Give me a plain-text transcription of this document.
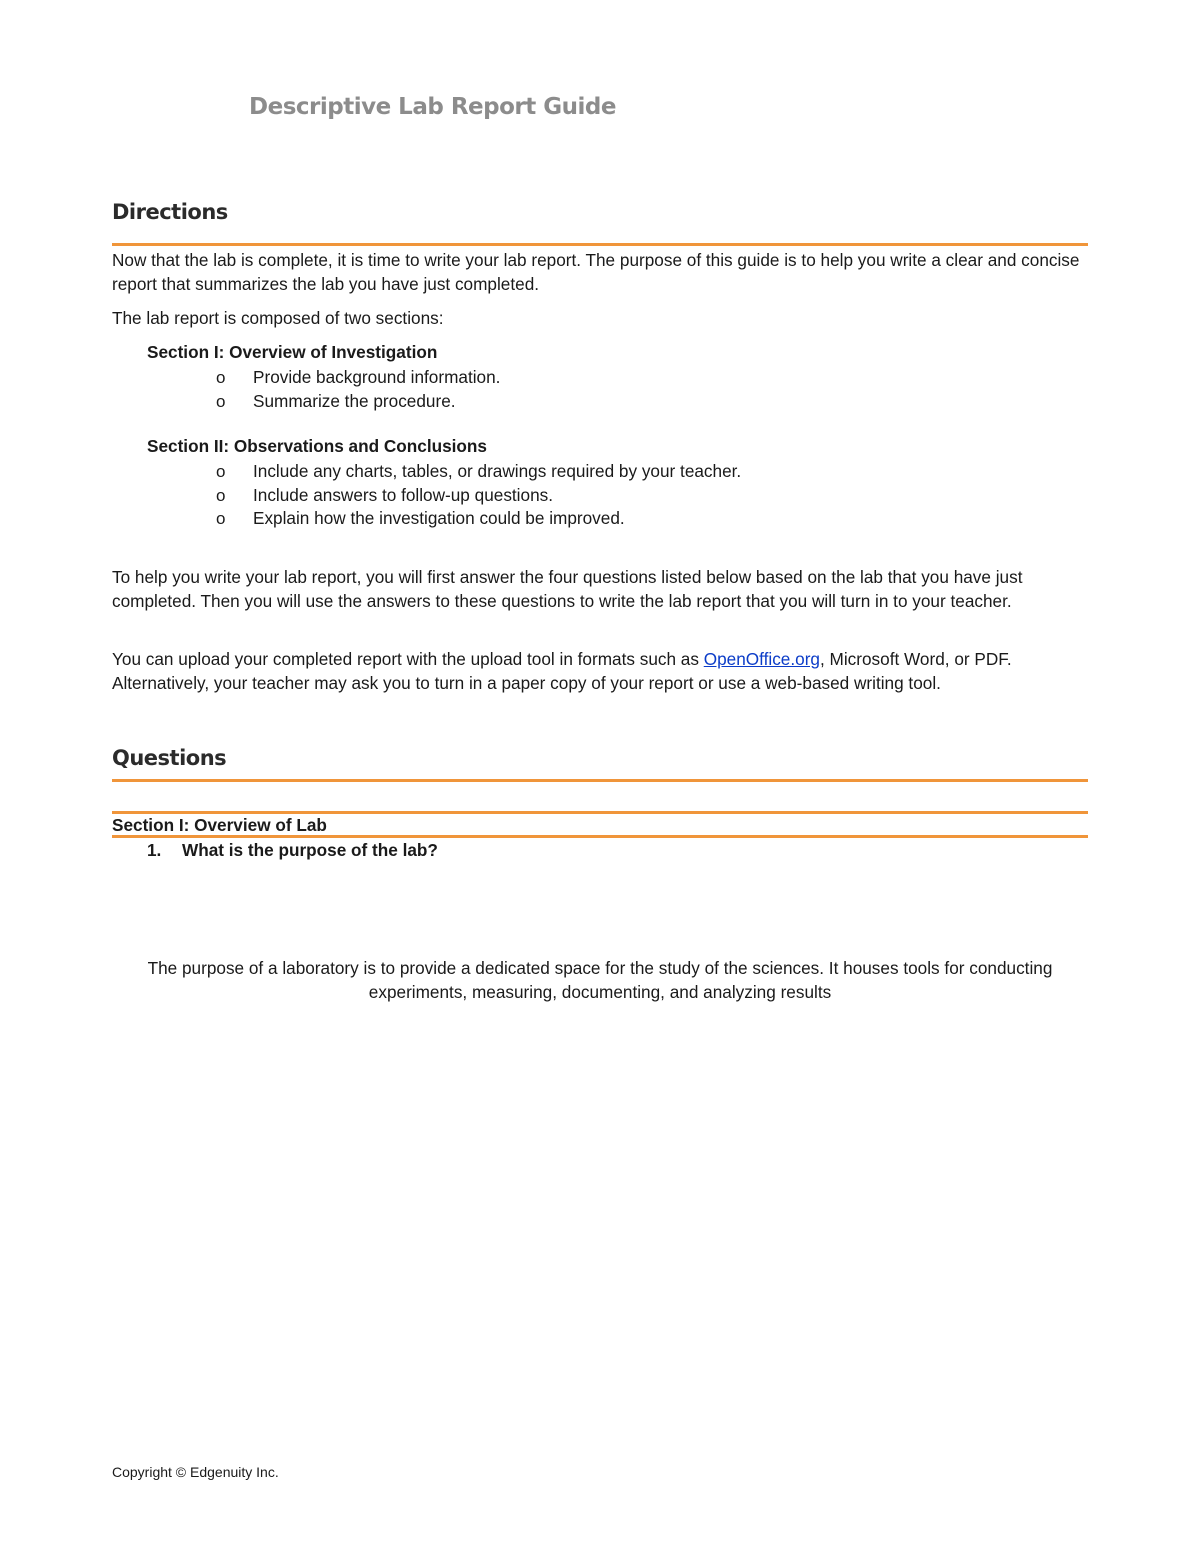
Descriptive Lab Report Guide
Directions

Now that the lab is complete, it is time to write your lab report. The purpose of this guide is to help you write a clear and concise report that summarizes the lab you have just completed.

The lab report is composed of two sections:

Section I: Overview of Investigation

o Provide background information.
o Summarize the procedure.

Section II: Observations and Conclusions

o Include any charts, tables, or drawings required by your teacher.
o Include answers to follow-up questions.
o Explain how the investigation could be improved.

To help you write your lab report, you will first answer the four questions listed below based on the lab that you have just completed. Then you will use the answers to these questions to write the lab report that you will turn in to your teacher.

You can upload your completed report with the upload tool in formats such as OpenOffice.org, Microsoft Word, or PDF. Alternatively, your teacher may ask you to turn in a paper copy of your report or use a web-based writing tool.

Questions

Section I: Overview of Lab

1. What is the purpose of the lab?

The purpose of a laboratory is to provide a dedicated space for the study of the sciences. It houses tools for conducting experiments, measuring, documenting, and analyzing results

Copyright © Edgenuity Inc.
